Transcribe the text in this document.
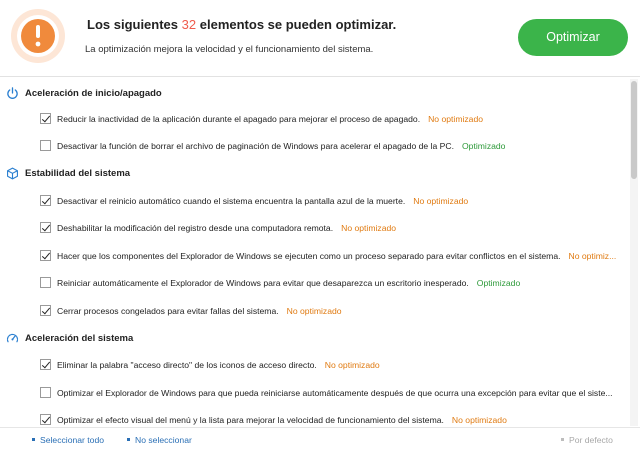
Los siguientes 32 elementos se pueden optimizar.
La optimización mejora la velocidad y el funcionamiento del sistema.
Optimizar
Aceleración de inicio/apagado
Reducir la inactividad de la aplicación durante el apagado para mejorar el proceso de apagado. No optimizado
Desactivar la función de borrar el archivo de paginación de Windows para acelerar el apagado de la PC. Optimizado
Estabilidad del sistema
Desactivar el reinicio automático cuando el sistema encuentra la pantalla azul de la muerte. No optimizado
Deshabilitar la modificación del registro desde una computadora remota. No optimizado
Hacer que los componentes del Explorador de Windows se ejecuten como un proceso separado para evitar conflictos en el sistema. No optimiz...
Reiniciar automáticamente el Explorador de Windows para evitar que desaparezca un escritorio inesperado. Optimizado
Cerrar procesos congelados para evitar fallas del sistema. No optimizado
Aceleración del sistema
Eliminar la palabra "acceso directo" de los iconos de acceso directo. No optimizado
Optimizar el Explorador de Windows para que pueda reiniciarse automáticamente después de que ocurra una excepción para evitar que el siste...
Optimizar el efecto visual del menú y la lista para mejorar la velocidad de funcionamiento del sistema. No optimizado
Seleccionar todo	No seleccionar	Por defecto
